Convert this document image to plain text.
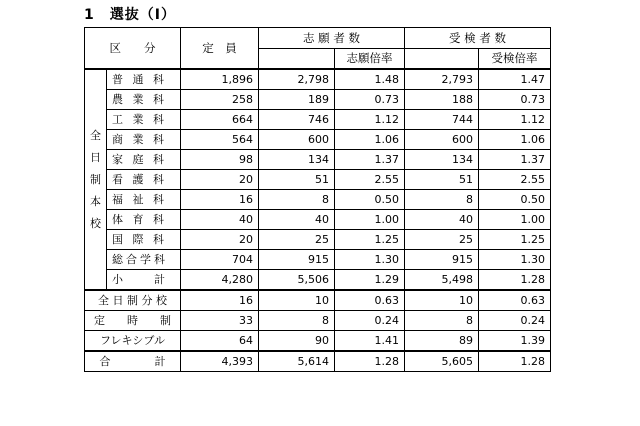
1　選抜（Ⅰ）
区　　分		定　員	志 願 者 数		受 検 者 数	
				志願倍率		受検倍率

全
日
制
本
校	普 通 科	1,896	2,798	1.48	2,793	1.47
	農 業 科	258	189	0.73	188	0.73
	工 業 科	664	746	1.12	744	1.12
	商 業 科	564	600	1.06	600	1.06
	家 庭 科	98	134	1.37	134	1.37
	看 護 科	20	51	2.55	51	2.55
	福 祉 科	16	8	0.50	8	0.50
	体 育 科	40	40	1.00	40	1.00
	国 際 科	20	25	1.25	25	1.25
	総合学科	704	915	1.30	915	1.30
	小　　計	4,280	5,506	1.29	5,498	1.28
全 日 制 分 校		16	10	0.63	10	0.63
定　　時　　制		33	8	0.24	8	0.24
フレキシブル		64	90	1.41	89	1.39
合　　　　計		4,393	5,614	1.28	5,605	1.28
